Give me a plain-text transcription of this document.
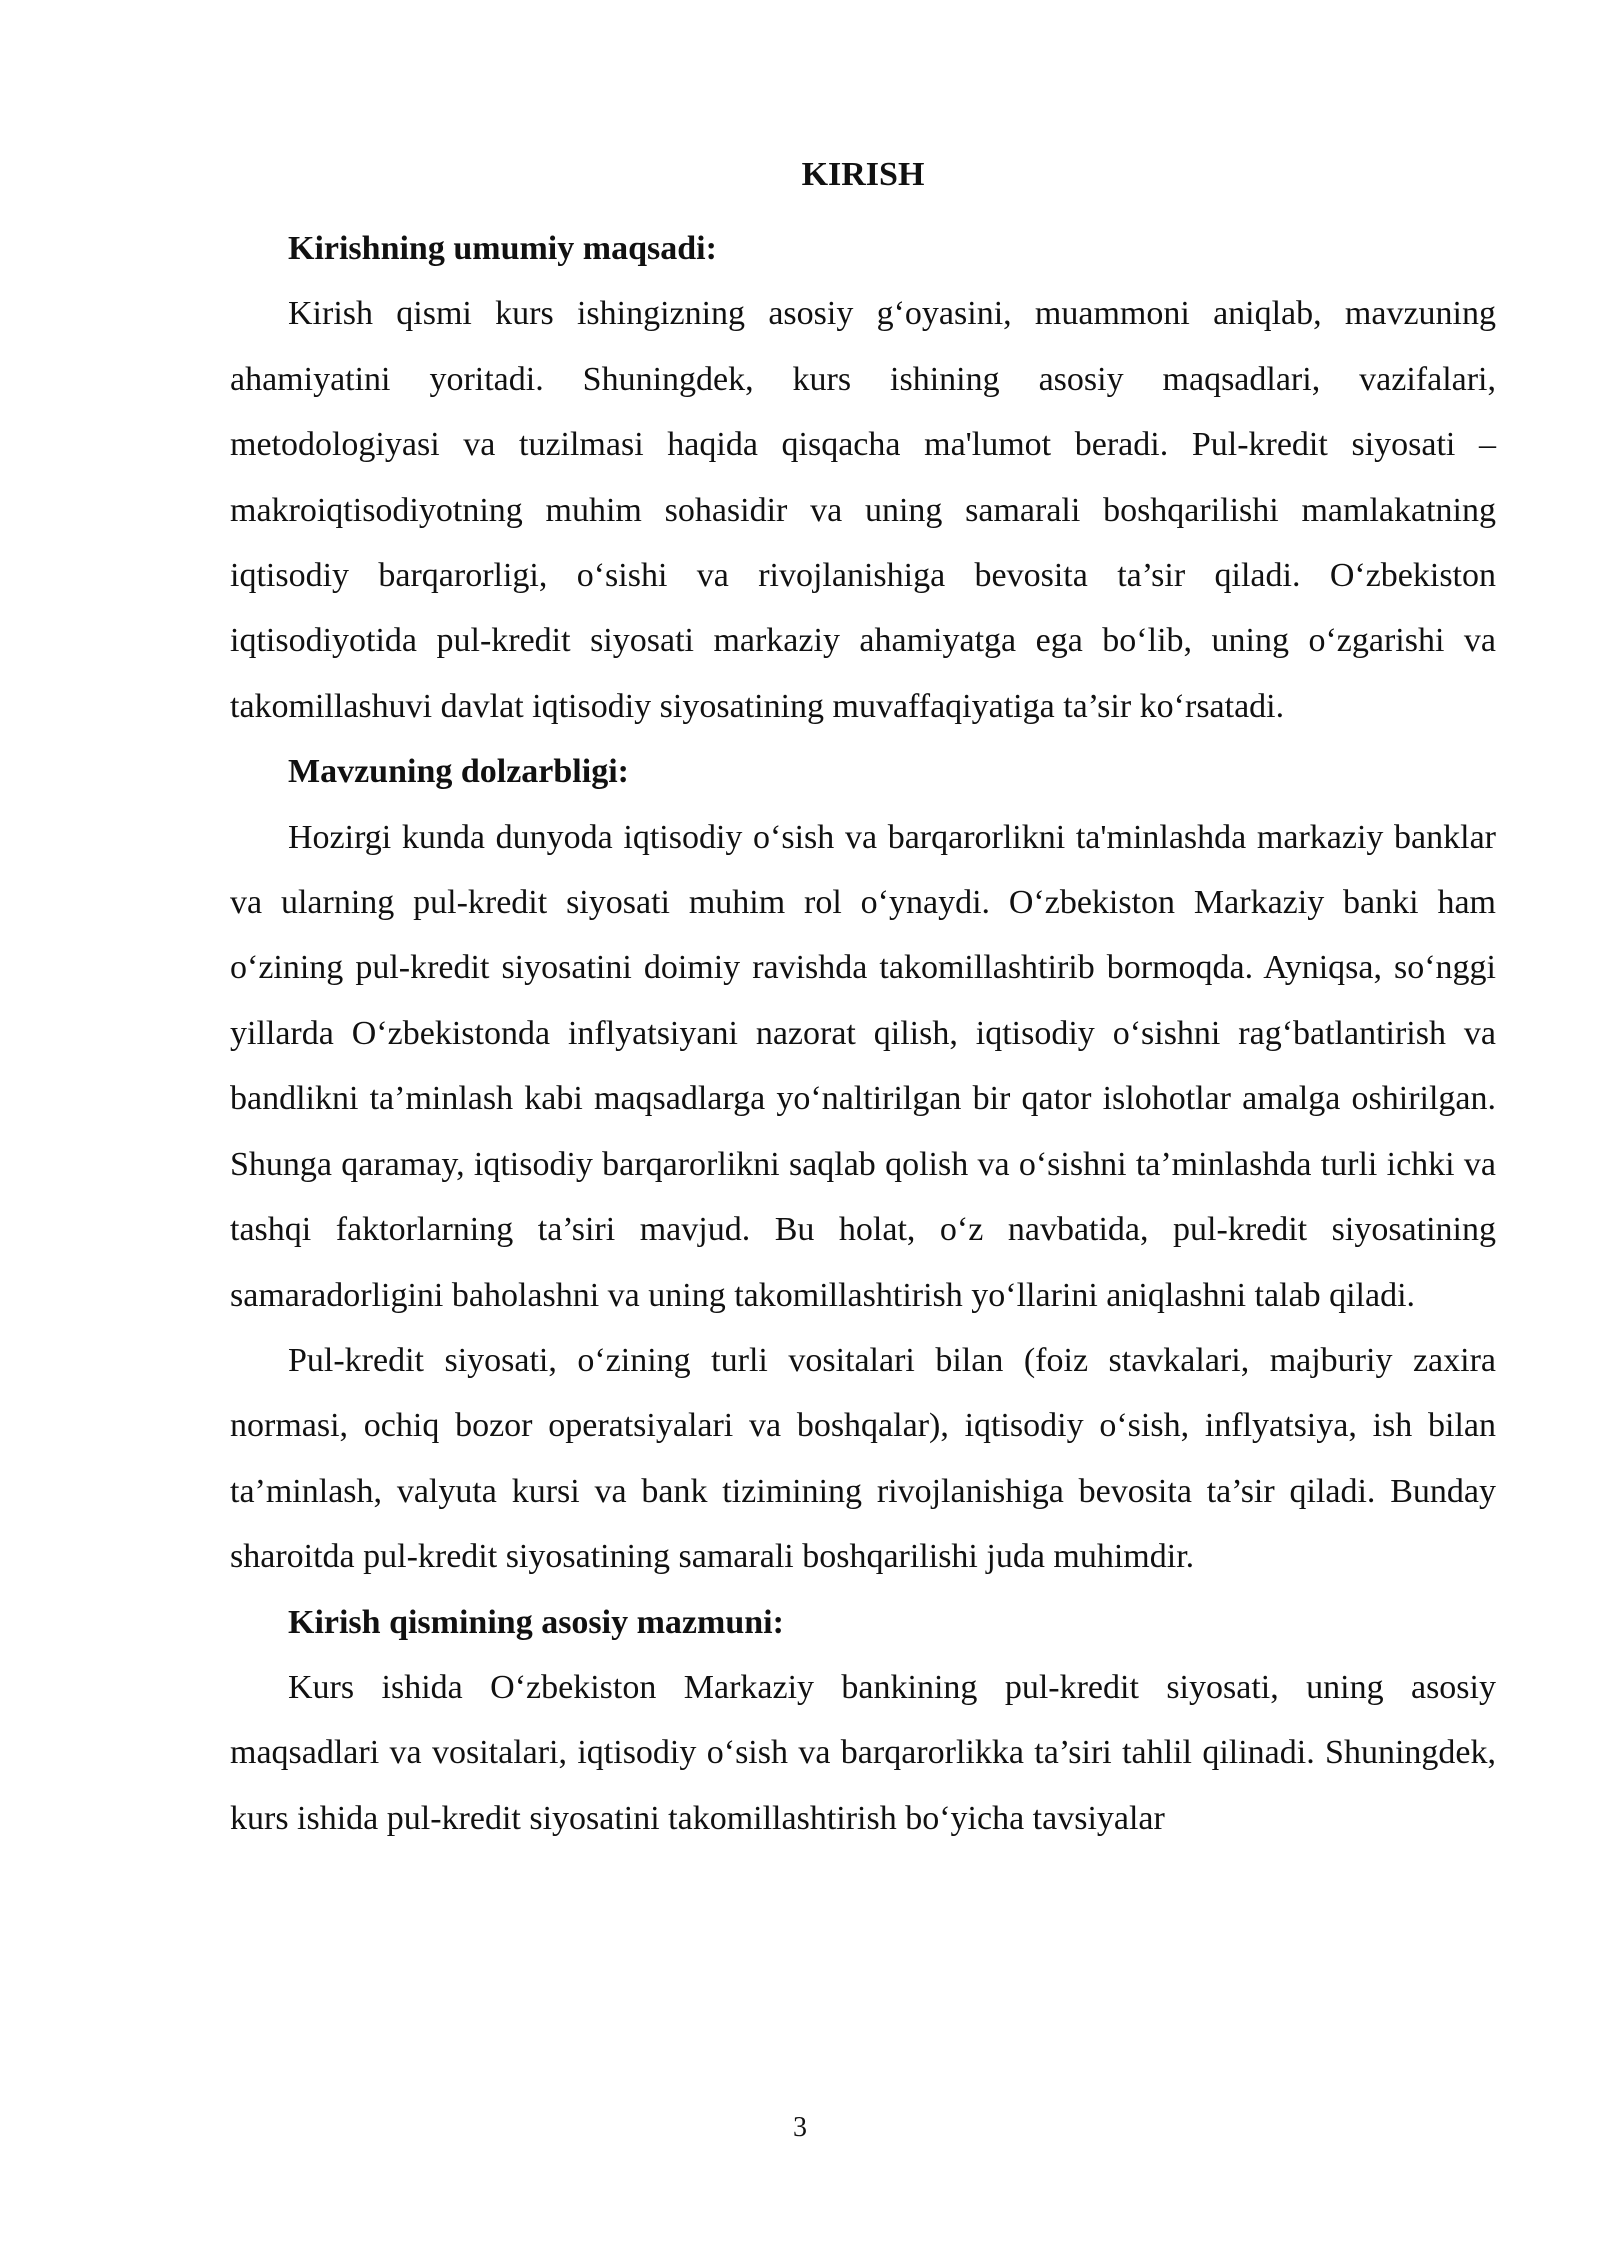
KIRISH

Kirishning umumiy maqsadi:

Kirish qismi kurs ishingizning asosiy g‘oyasini, muammoni aniqlab, mavzuning ahamiyatini yoritadi. Shuningdek, kurs ishining asosiy maqsadlari, vazifalari, metodologiyasi va tuzilmasi haqida qisqacha ma'lumot beradi. Pul-kredit siyosati – makroiqtisodiyotning muhim sohasidir va uning samarali boshqarilishi mamlakatning iqtisodiy barqarorligi, o‘sishi va rivojlanishiga bevosita ta’sir qiladi. O‘zbekiston iqtisodiyotida pul-kredit siyosati markaziy ahamiyatga ega bo‘lib, uning o‘zgarishi va takomillashuvi davlat iqtisodiy siyosatining muvaffaqiyatiga ta’sir ko‘rsatadi.

Mavzuning dolzarbligi:

Hozirgi kunda dunyoda iqtisodiy o‘sish va barqarorlikni ta'minlashda markaziy banklar va ularning pul-kredit siyosati muhim rol o‘ynaydi. O‘zbekiston Markaziy banki ham o‘zining pul-kredit siyosatini doimiy ravishda takomillashtirib bormoqda. Ayniqsa, so‘nggi yillarda O‘zbekistonda inflyatsiyani nazorat qilish, iqtisodiy o‘sishni rag‘batlantirish va bandlikni ta’minlash kabi maqsadlarga yo‘naltirilgan bir qator islohotlar amalga oshirilgan. Shunga qaramay, iqtisodiy barqarorlikni saqlab qolish va o‘sishni ta’minlashda turli ichki va tashqi faktorlarning ta’siri mavjud. Bu holat, o‘z navbatida, pul-kredit siyosatining samaradorligini baholashni va uning takomillashtirish yo‘llarini aniqlashni talab qiladi.

Pul-kredit siyosati, o‘zining turli vositalari bilan (foiz stavkalari, majburiy zaxira normasi, ochiq bozor operatsiyalari va boshqalar), iqtisodiy o‘sish, inflyatsiya, ish bilan ta’minlash, valyuta kursi va bank tizimining rivojlanishiga bevosita ta’sir qiladi. Bunday sharoitda pul-kredit siyosatining samarali boshqarilishi juda muhimdir.

Kirish qismining asosiy mazmuni:

Kurs ishida O‘zbekiston Markaziy bankining pul-kredit siyosati, uning asosiy maqsadlari va vositalari, iqtisodiy o‘sish va barqarorlikka ta’siri tahlil qilinadi. Shuningdek, kurs ishida pul-kredit siyosatini takomillashtirish bo‘yicha tavsiyalar

3
